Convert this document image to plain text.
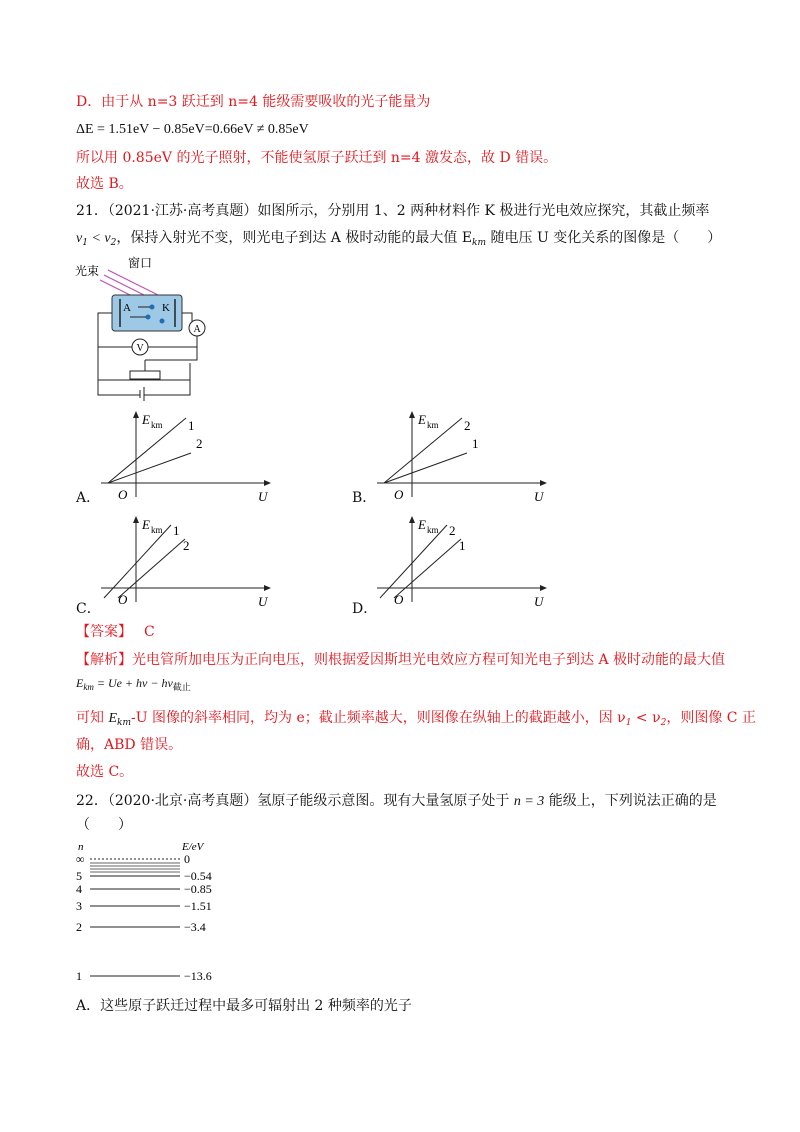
D．由于从 n=3 跃迁到 n=4 能级需要吸收的光子能量为
ΔE = 1.51eV − 0.85eV=0.66eV ≠ 0.85eV
所以用 0.85eV 的光子照射，不能使氢原子跃迁到 n=4 激发态，故 D 错误。
故选 B。
21．（2021·江苏·高考真题）如图所示，分别用 1、2 两种材料作 K 极进行光电效应探究，其截止频率
$\nu_1 < \nu_2$，保持入射光不变，则光电子到达 A 极时动能的最大值 $E_{km}$ 随电压 U 变化关系的图像是（　　）
光束
窗口
A	K
A
V
A．
E km
U
O
1
2
B．
E km
U
O
2
1
C．
E km
U
O
1
2
D．
E km
U
O
2
1
【答案】 C
【解析】光电管所加电压为正向电压，则根据爱因斯坦光电效应方程可知光电子到达 A 极时动能的最大值
$E_{km} = Ue + h\nu - h\nu_{截止}$
可知 $E_{km}-U$ 图像的斜率相同，均为 e；截止频率越大，则图像在纵轴上的截距越小，因 $\nu_1 < \nu_2$，则图像 C 正
确，ABD 错误。
故选 C。
22．（2020·北京·高考真题）氢原子能级示意图。现有大量氢原子处于 n = 3 能级上，下列说法正确的是
（　　）
n	E/eV
∞	0
5	−0.54
4	−0.85
3	−1.51
2	−3.4
1	−13.6
A．这些原子跃迁过程中最多可辐射出 2 种频率的光子
